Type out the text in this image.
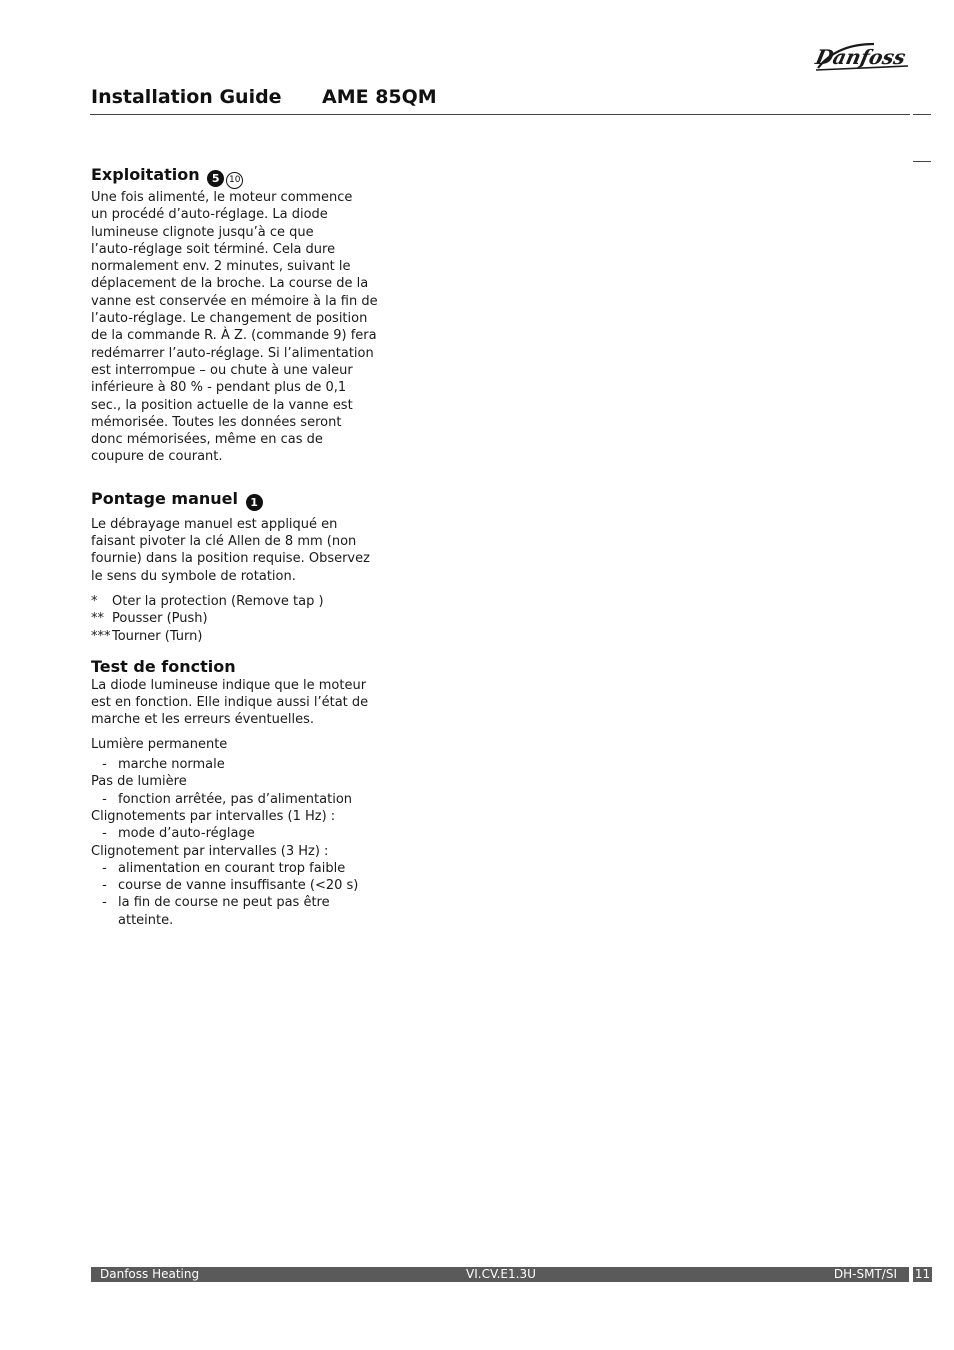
Danfoss
Installation Guide AME 85QM
Exploitation 5 10
Une fois alimenté, le moteur commence
un procédé d’auto-réglage. La diode
lumineuse clignote jusqu’à ce que
l’auto-réglage soit términé. Cela dure
normalement env. 2 minutes, suivant le
déplacement de la broche. La course de la
vanne est conservée en mémoire à la fin de
l’auto-réglage. Le changement de position
de la commande R. À Z. (commande 9) fera
redémarrer l’auto-réglage. Si l’alimentation
est interrompue – ou chute à une valeur
inférieure à 80 % - pendant plus de 0,1
sec., la position actuelle de la vanne est
mémorisée. Toutes les données seront
donc mémorisées, même en cas de
coupure de courant.
Pontage manuel 1
Le débrayage manuel est appliqué en
faisant pivoter la clé Allen de 8 mm (non
fournie) dans la position requise. Observez
le sens du symbole de rotation.
*	Oter la protection (Remove tap )
** Pousser (Push)
*** Tourner (Turn)
Test de fonction
La diode lumineuse indique que le moteur
est en fonction. Elle indique aussi l’état de
marche et les erreurs éventuelles.
Lumière permanente
- marche normale
Pas de lumière
- fonction arrêtée, pas d’alimentation
Clignotements par intervalles (1 Hz) :
- mode d’auto-réglage
Clignotement par intervalles (3 Hz) :
- alimentation en courant trop faible
- course de vanne insuffisante (<20 s)
- la fin de course ne peut pas être
atteinte.
Danfoss Heating	VI.CV.E1.3U	DH-SMT/SI 11
